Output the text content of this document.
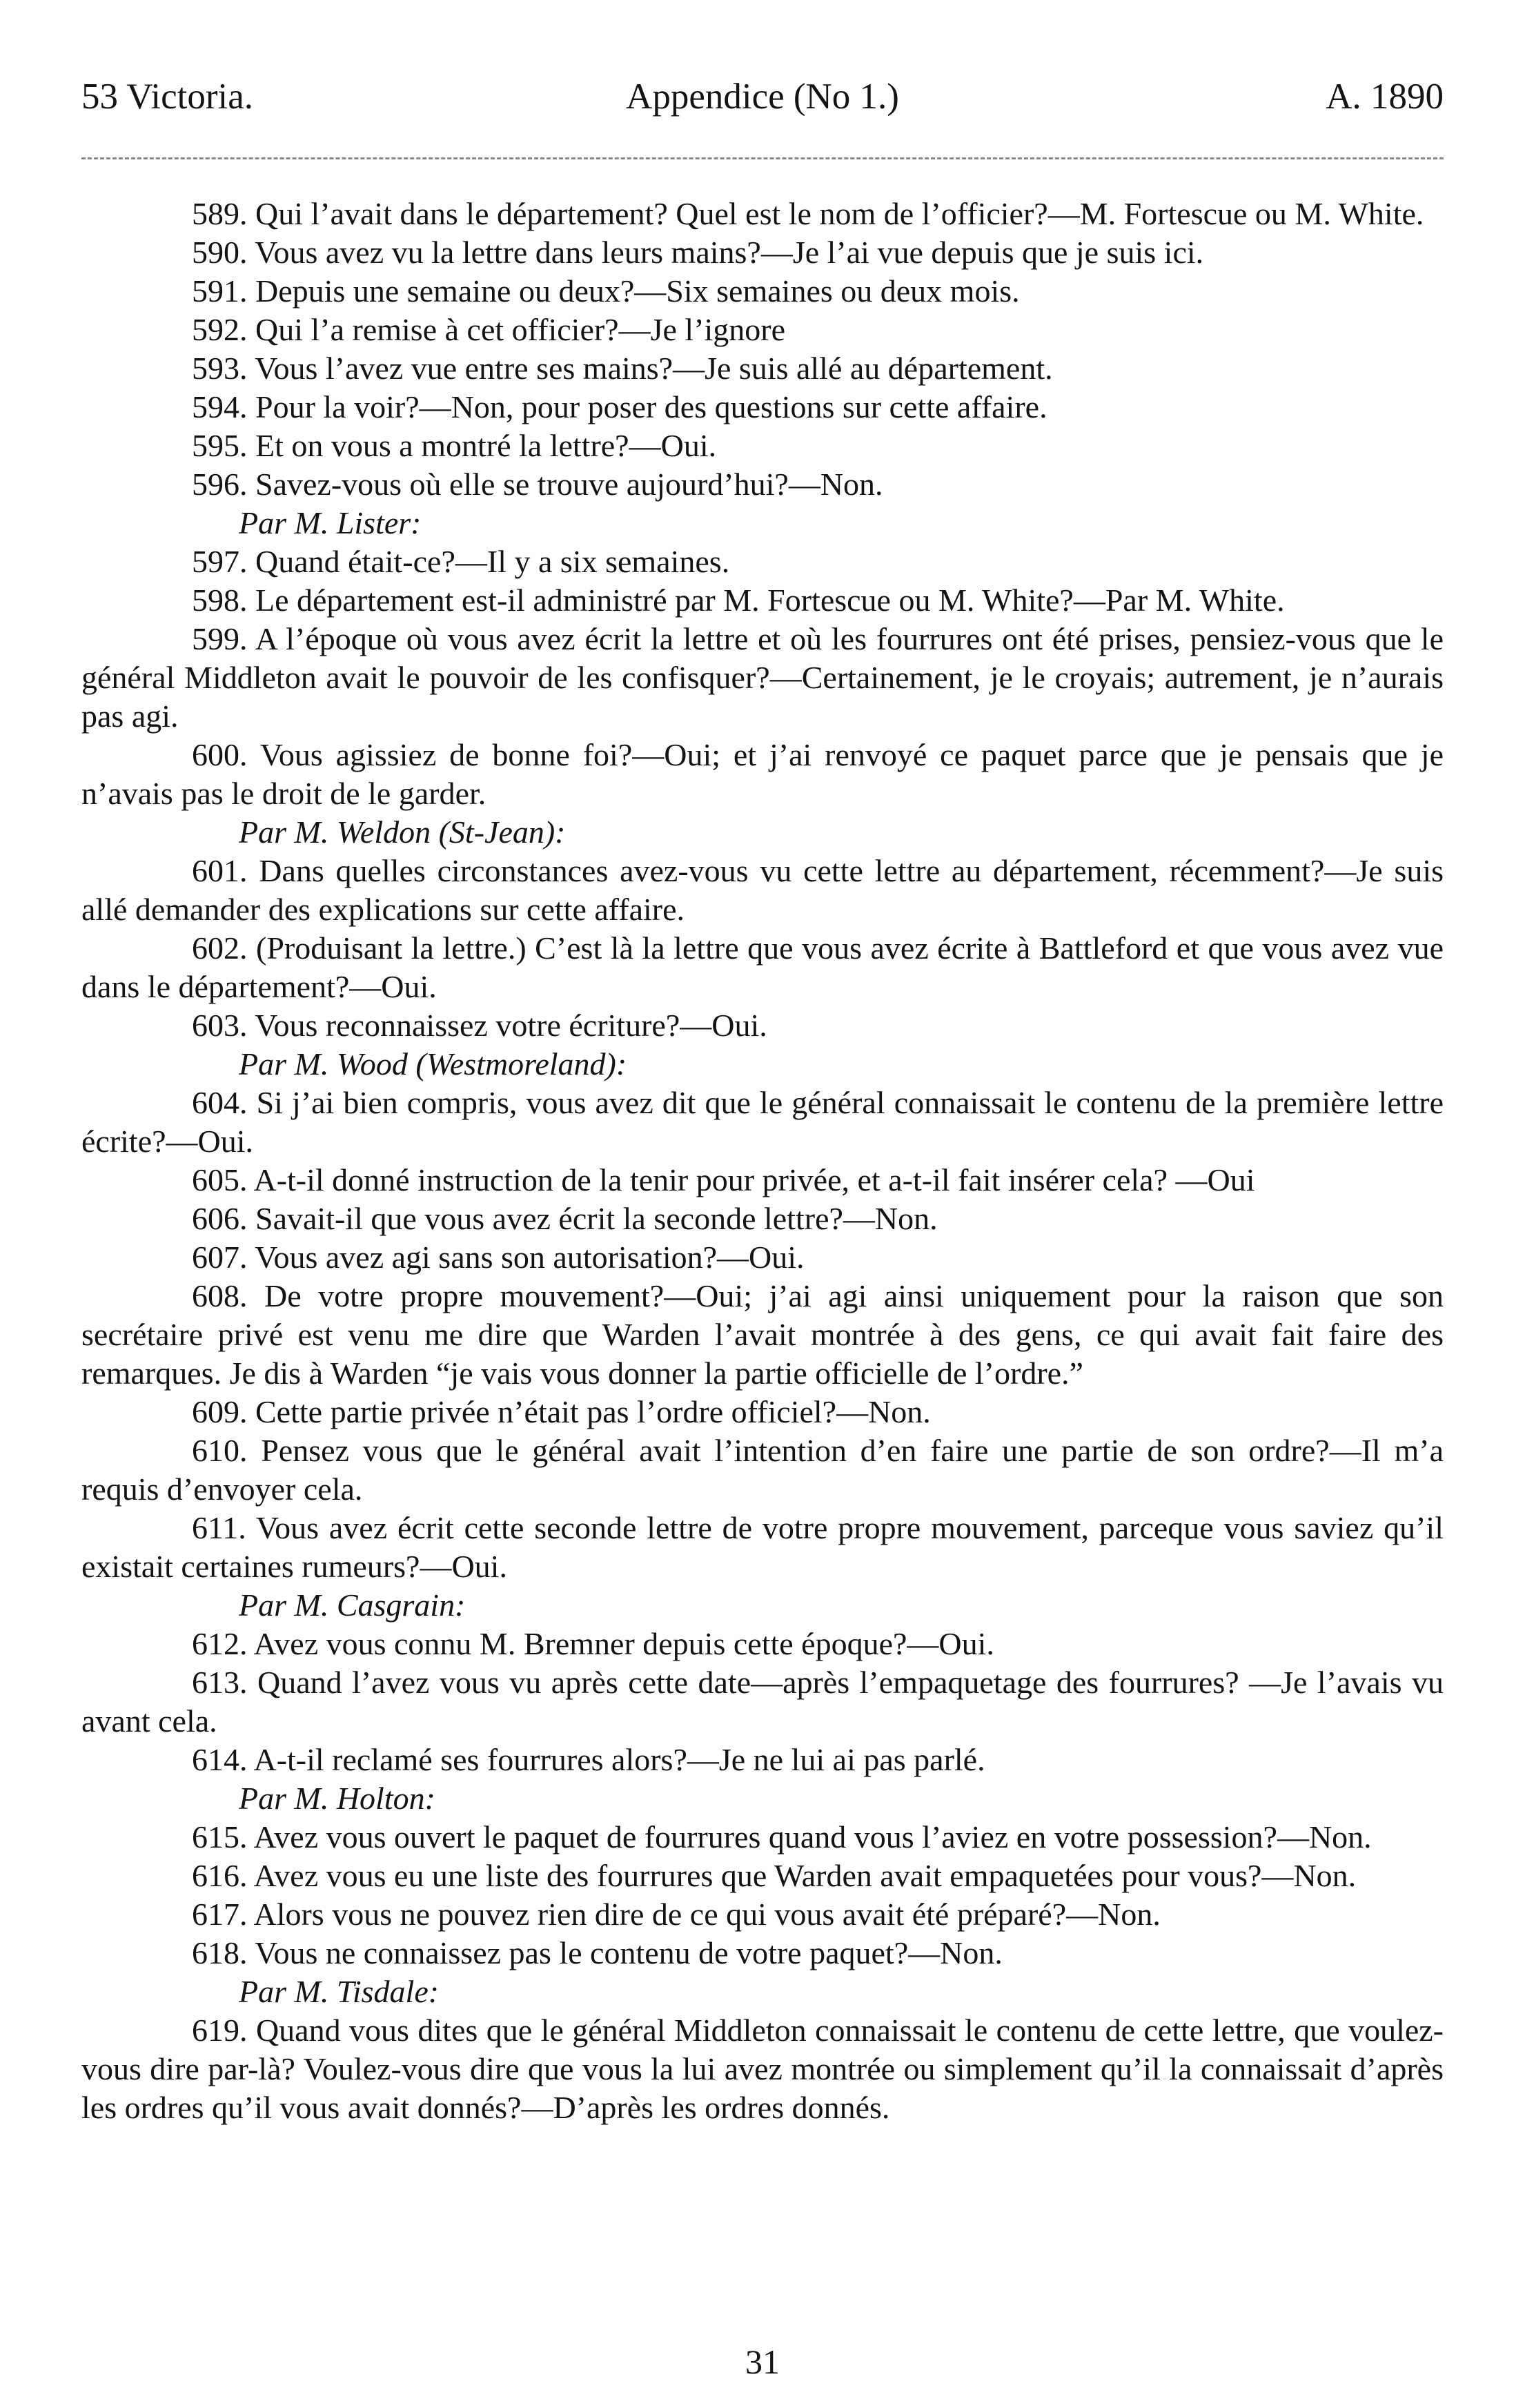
53 Victoria.	Appendice (No 1.)	A. 1890

589. Qui l’avait dans le département? Quel est le nom de l’officier?—M. Fortescue ou M. White.

590. Vous avez vu la lettre dans leurs mains?—Je l’ai vue depuis que je suis ici.

591. Depuis une semaine ou deux?—Six semaines ou deux mois.

592. Qui l’a remise à cet officier?—Je l’ignore

593. Vous l’avez vue entre ses mains?—Je suis allé au département.

594. Pour la voir?—Non, pour poser des questions sur cette affaire.

595. Et on vous a montré la lettre?—Oui.

596. Savez-vous où elle se trouve aujourd’hui?—Non.

Par M. Lister:

597. Quand était-ce?—Il y a six semaines.

598. Le département est-il administré par M. Fortescue ou M. White?—Par M. White.

599. A l’époque où vous avez écrit la lettre et où les fourrures ont été prises, pensiez-vous que le général Middleton avait le pouvoir de les confisquer?—Certainement, je le croyais; autrement, je n’aurais pas agi.

600. Vous agissiez de bonne foi?—Oui; et j’ai renvoyé ce paquet parce que je pensais que je n’avais pas le droit de le garder.

Par M. Weldon (St-Jean):

601. Dans quelles circonstances avez-vous vu cette lettre au département, récemment?—Je suis allé demander des explications sur cette affaire.

602. (Produisant la lettre.) C’est là la lettre que vous avez écrite à Battleford et que vous avez vue dans le département?—Oui.

603. Vous reconnaissez votre écriture?—Oui.

Par M. Wood (Westmoreland):

604. Si j’ai bien compris, vous avez dit que le général connaissait le contenu de la première lettre écrite?—Oui.

605. A-t-il donné instruction de la tenir pour privée, et a-t-il fait insérer cela? —Oui

606. Savait-il que vous avez écrit la seconde lettre?—Non.

607. Vous avez agi sans son autorisation?—Oui.

608. De votre propre mouvement?—Oui; j’ai agi ainsi uniquement pour la raison que son secrétaire privé est venu me dire que Warden l’avait montrée à des gens, ce qui avait fait faire des remarques. Je dis à Warden “je vais vous donner la partie officielle de l’ordre.”

609. Cette partie privée n’était pas l’ordre officiel?—Non.

610. Pensez vous que le général avait l’intention d’en faire une partie de son ordre?—Il m’a requis d’envoyer cela.

611. Vous avez écrit cette seconde lettre de votre propre mouvement, parceque vous saviez qu’il existait certaines rumeurs?—Oui.

Par M. Casgrain:

612. Avez vous connu M. Bremner depuis cette époque?—Oui.

613. Quand l’avez vous vu après cette date—après l’empaquetage des fourrures? —Je l’avais vu avant cela.

614. A-t-il reclamé ses fourrures alors?—Je ne lui ai pas parlé.

Par M. Holton:

615. Avez vous ouvert le paquet de fourrures quand vous l’aviez en votre possession?—Non.

616. Avez vous eu une liste des fourrures que Warden avait empaquetées pour vous?—Non.

617. Alors vous ne pouvez rien dire de ce qui vous avait été préparé?—Non.

618. Vous ne connaissez pas le contenu de votre paquet?—Non.

Par M. Tisdale:

619. Quand vous dites que le général Middleton connaissait le contenu de cette lettre, que voulez-vous dire par-là? Voulez-vous dire que vous la lui avez montrée ou simplement qu’il la connaissait d’après les ordres qu’il vous avait donnés?—D’après les ordres donnés.

31
